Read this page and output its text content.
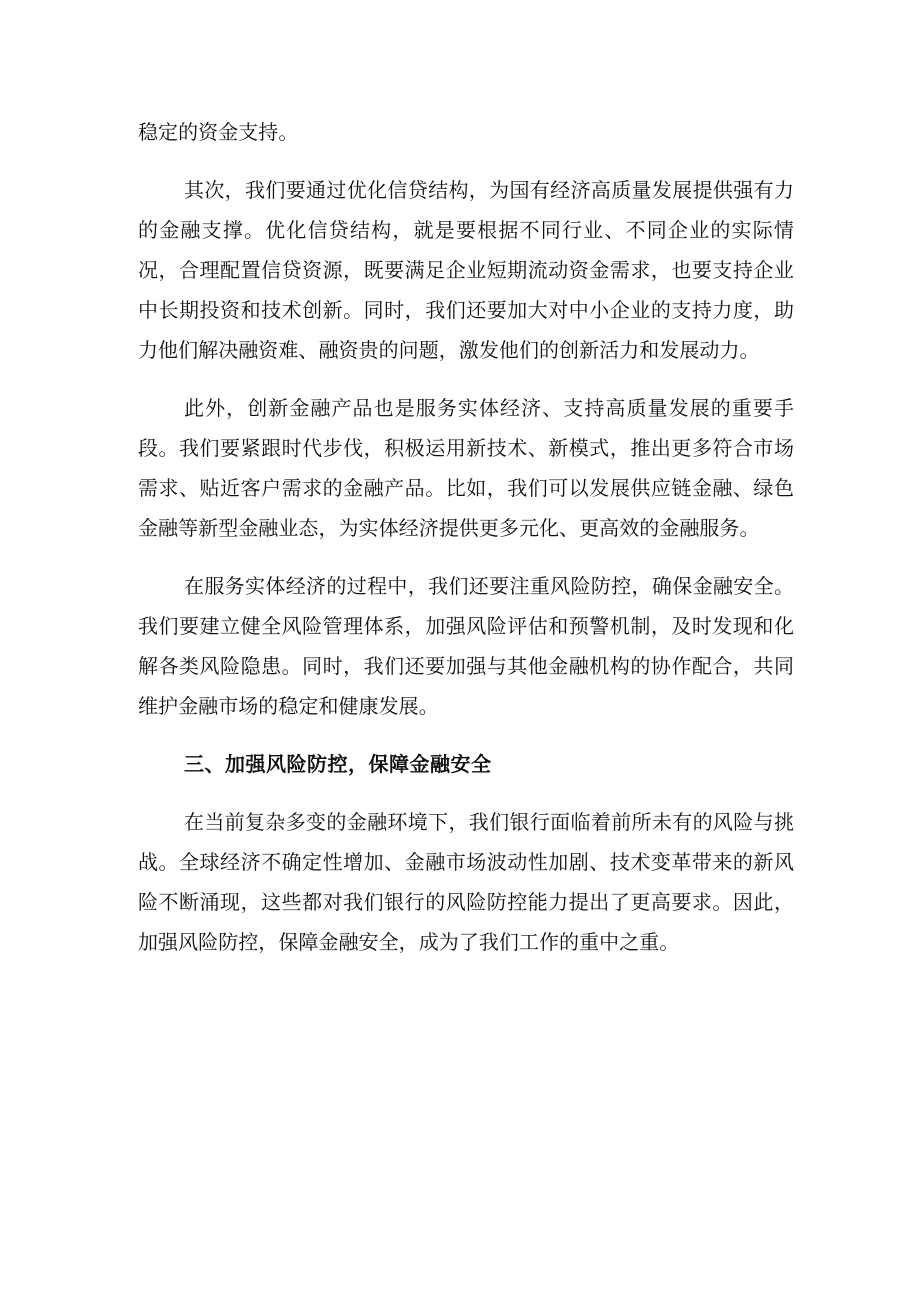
稳定的资金支持。

其次，我们要通过优化信贷结构，为国有经济高质量发展提供强有力的金融支撑。优化信贷结构，就是要根据不同行业、不同企业的实际情况，合理配置信贷资源，既要满足企业短期流动资金需求，也要支持企业中长期投资和技术创新。同时，我们还要加大对中小企业的支持力度，助力他们解决融资难、融资贵的问题，激发他们的创新活力和发展动力。

此外，创新金融产品也是服务实体经济、支持高质量发展的重要手段。我们要紧跟时代步伐，积极运用新技术、新模式，推出更多符合市场需求、贴近客户需求的金融产品。比如，我们可以发展供应链金融、绿色金融等新型金融业态，为实体经济提供更多元化、更高效的金融服务。

在服务实体经济的过程中，我们还要注重风险防控，确保金融安全。我们要建立健全风险管理体系，加强风险评估和预警机制，及时发现和化解各类风险隐患。同时，我们还要加强与其他金融机构的协作配合，共同维护金融市场的稳定和健康发展。

三、加强风险防控，保障金融安全

在当前复杂多变的金融环境下，我们银行面临着前所未有的风险与挑战。全球经济不确定性增加、金融市场波动性加剧、技术变革带来的新风险不断涌现，这些都对我们银行的风险防控能力提出了更高要求。因此，加强风险防控，保障金融安全，成为了我们工作的重中之重。
